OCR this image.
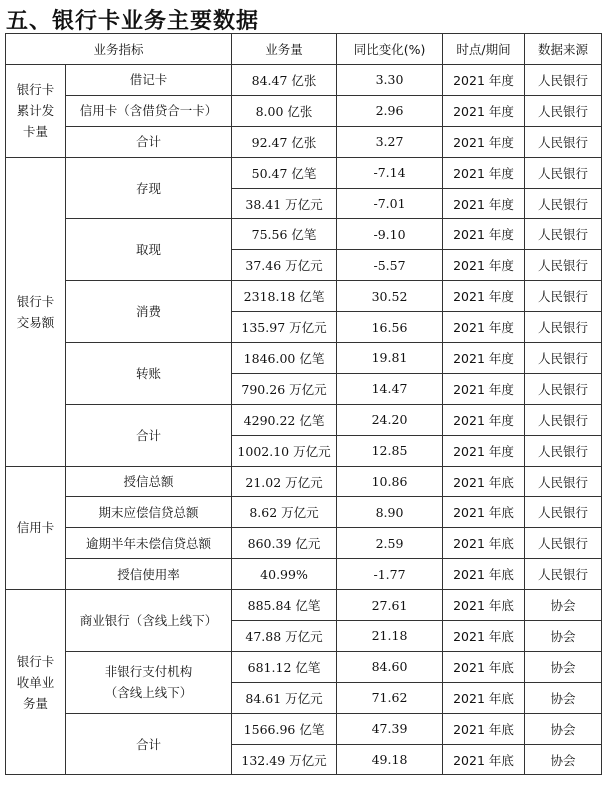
五、银行卡业务主要数据
业务指标		业务量	同比变化(%)	时点/期间	数据来源

银行卡
累计发
卡量	借记卡	84.47 亿张	3.30	2021 年度	人民银行
	信用卡（含借贷合一卡）	8.00 亿张	2.96	2021 年度	人民银行
	合计	92.47 亿张	3.27	2021 年度	人民银行

银行卡
交易额	存现	50.47 亿笔	-7.14	2021 年度	人民银行
		38.41 万亿元	-7.01	2021 年度	人民银行
	取现	75.56 亿笔	-9.10	2021 年度	人民银行
		37.46 万亿元	-5.57	2021 年度	人民银行
	消费	2318.18 亿笔	30.52	2021 年度	人民银行
		135.97 万亿元	16.56	2021 年度	人民银行
	转账	1846.00 亿笔	19.81	2021 年度	人民银行
		790.26 万亿元	14.47	2021 年度	人民银行
	合计	4290.22 亿笔	24.20	2021 年度	人民银行
		1002.10 万亿元	12.85	2021 年度	人民银行

信用卡	授信总额	21.02 万亿元	10.86	2021 年底	人民银行
	期末应偿信贷总额	8.62 万亿元	8.90	2021 年底	人民银行
	逾期半年未偿信贷总额	860.39 亿元	2.59	2021 年底	人民银行
	授信使用率	40.99%	-1.77	2021 年底	人民银行

银行卡
收单业
务量	商业银行（含线上线下）	885.84 亿笔	27.61	2021 年底	协会
		47.88 万亿元	21.18	2021 年底	协会

	非银行支付机构
（含线上线下）	681.12 亿笔	84.60	2021 年底	协会
		84.61 万亿元	71.62	2021 年底	协会
	合计	1566.96 亿笔	47.39	2021 年底	协会
		132.49 万亿元	49.18	2021 年底	协会
